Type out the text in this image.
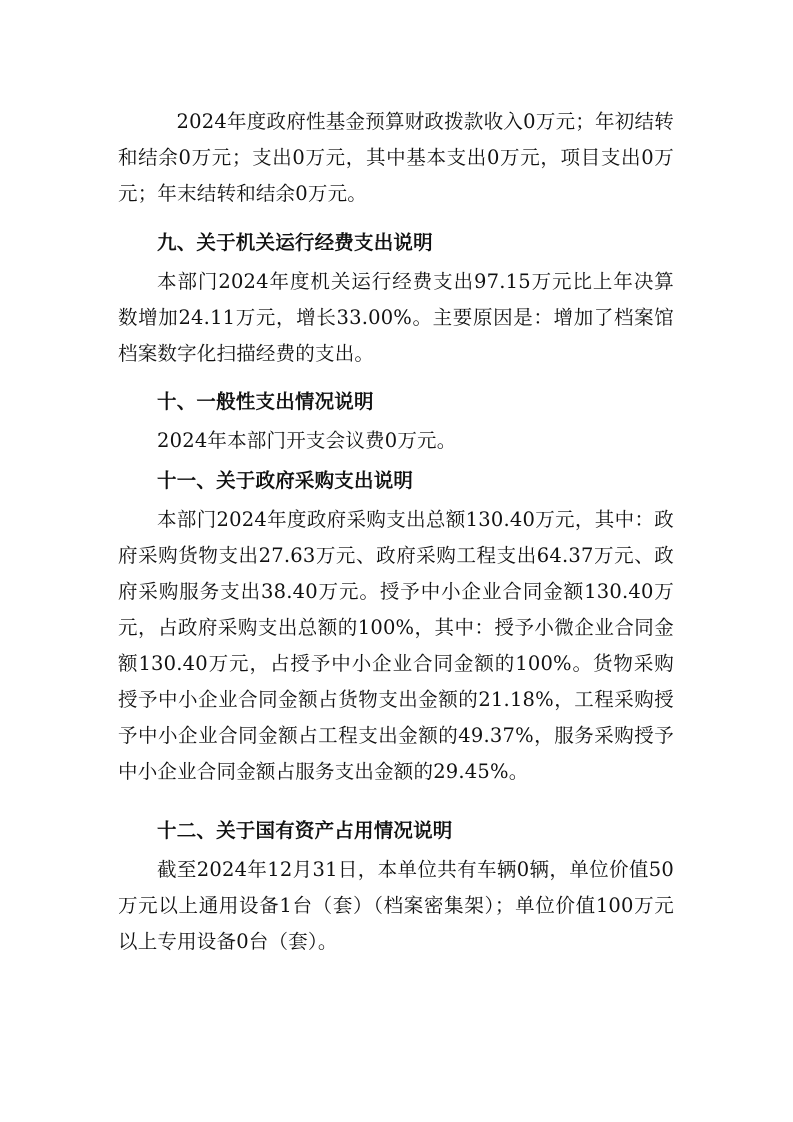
2024年度政府性基金预算财政拨款收入0万元；年初结转和结余0万元；支出0万元，其中基本支出0万元，项目支出0万元；年末结转和结余0万元。

九、关于机关运行经费支出说明

本部门2024年度机关运行经费支出97.15万元比上年决算数增加24.11万元，增长33.00%。主要原因是：增加了档案馆档案数字化扫描经费的支出。

十、一般性支出情况说明

2024年本部门开支会议费0万元。

十一、关于政府采购支出说明

本部门2024年度政府采购支出总额130.40万元，其中：政府采购货物支出27.63万元、政府采购工程支出64.37万元、政府采购服务支出38.40万元。授予中小企业合同金额130.40万元，占政府采购支出总额的100%，其中：授予小微企业合同金额130.40万元，占授予中小企业合同金额的100%。货物采购授予中小企业合同金额占货物支出金额的21.18%，工程采购授予中小企业合同金额占工程支出金额的49.37%，服务采购授予中小企业合同金额占服务支出金额的29.45%。

十二、关于国有资产占用情况说明

截至2024年12月31日，本单位共有车辆0辆，单位价值50万元以上通用设备1台（套）（档案密集架）；单位价值100万元以上专用设备0台（套）。
